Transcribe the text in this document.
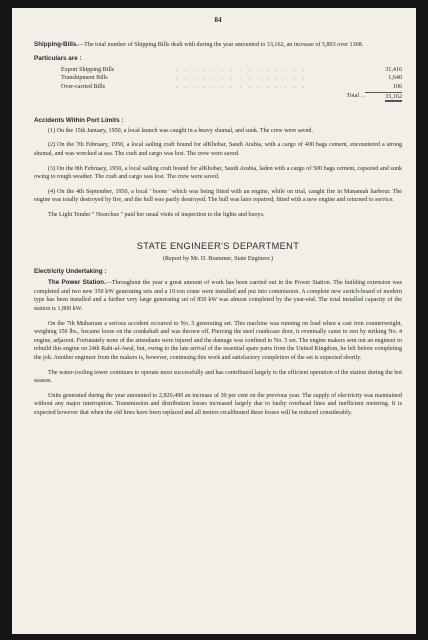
84

Shipping-Bills.—The total number of Shipping Bills dealt with during the year amounted to 33,162, an increase of 5,803 over 1368.

Particulars are :
Export Shipping Bills	. . . . . . . . . . . . . . .	31,416
Transhipment Bills	. . . . . . . . . . . . . . .	1,640
Over-carried Bills	. . . . . . . . . . . . . . .	106
	Total . .	33,162
Accidents Within Port Limits :

(1) On the 15th January, 1950, a local launch was caught in a heavy shumal, and sunk. The crew were saved.

(2) On the 7th February, 1950, a local sailing craft bound for alKhobar, Saudi Arabia, with a cargo of 400 bags cement, encountered a strong shumal, and was wrecked at sea. The craft and cargo was lost. The crew were saved.

(3) On the 8th February, 1950, a local sailing craft bound for alKhobar, Saudi Arabia, laden with a cargo of 500 bags cement, capsized and sunk owing to rough weather. The craft and cargo was lost. The crew were saved.

(4) On the 4th September, 1950, a local ' boom ' which was being fitted with an engine, while on trial, caught fire in Manamah harbour. The engine was totally destroyed by fire, and the hull was partly destroyed. The hull was later repaired, fitted with a new engine and returned to service.

The Light Tender " Nearchus " paid her usual visits of inspection to the lights and buoys.

STATE ENGINEER'S DEPARTMENT

(Report by Mr. D. Brammer, State Engineer.)

Electricity Undertaking :

The Power Station.—Throughout the year a great amount of work has been carried out in the Power Station. The building extension was completed and two new 350 kW generating sets and a 10-ton crane were installed and put into commission. A complete new switch-board of modern type has been installed and a further very large generating set of 850 kW was almost completed by the year-end. The total installed capacity of the station is 1,800 kW.

On the 7th Muharram a serious accident occurred to No. 5 generating set. This machine was running on load when a cast iron counterweight, weighing 150 lbs., became loose on the crankshaft and was thrown off. Piercing the steel crankcase door, it eventually came to rest by striking No. 4 engine, adjacent. Fortunately none of the attendants were injured and the damage was confined to No. 5 set. The engine makers sent out an engineer to rebuild this engine on 24th Rabi-al-Awal, but, owing to the late arrival of the essential spare parts from the United Kingdom, he left before completing the job. Another engineer from the makers is, however, continuing this work and satisfactory completion of the set is expected shortly.

The water-cooling tower continues to operate most successfully and has contributed largely to the efficient operation of the station during the hot season.

Units generated during the year amounted to 2,820,490 an increase of 30 per cent on the previous year. The supply of electricity was maintained without any major interruption. Transmission and distribution losses increased largely due to faulty overhead lines and inefficient metering. It is expected however that when the old lines have been replaced and all meters recalibrated these losses will be reduced considerably.
